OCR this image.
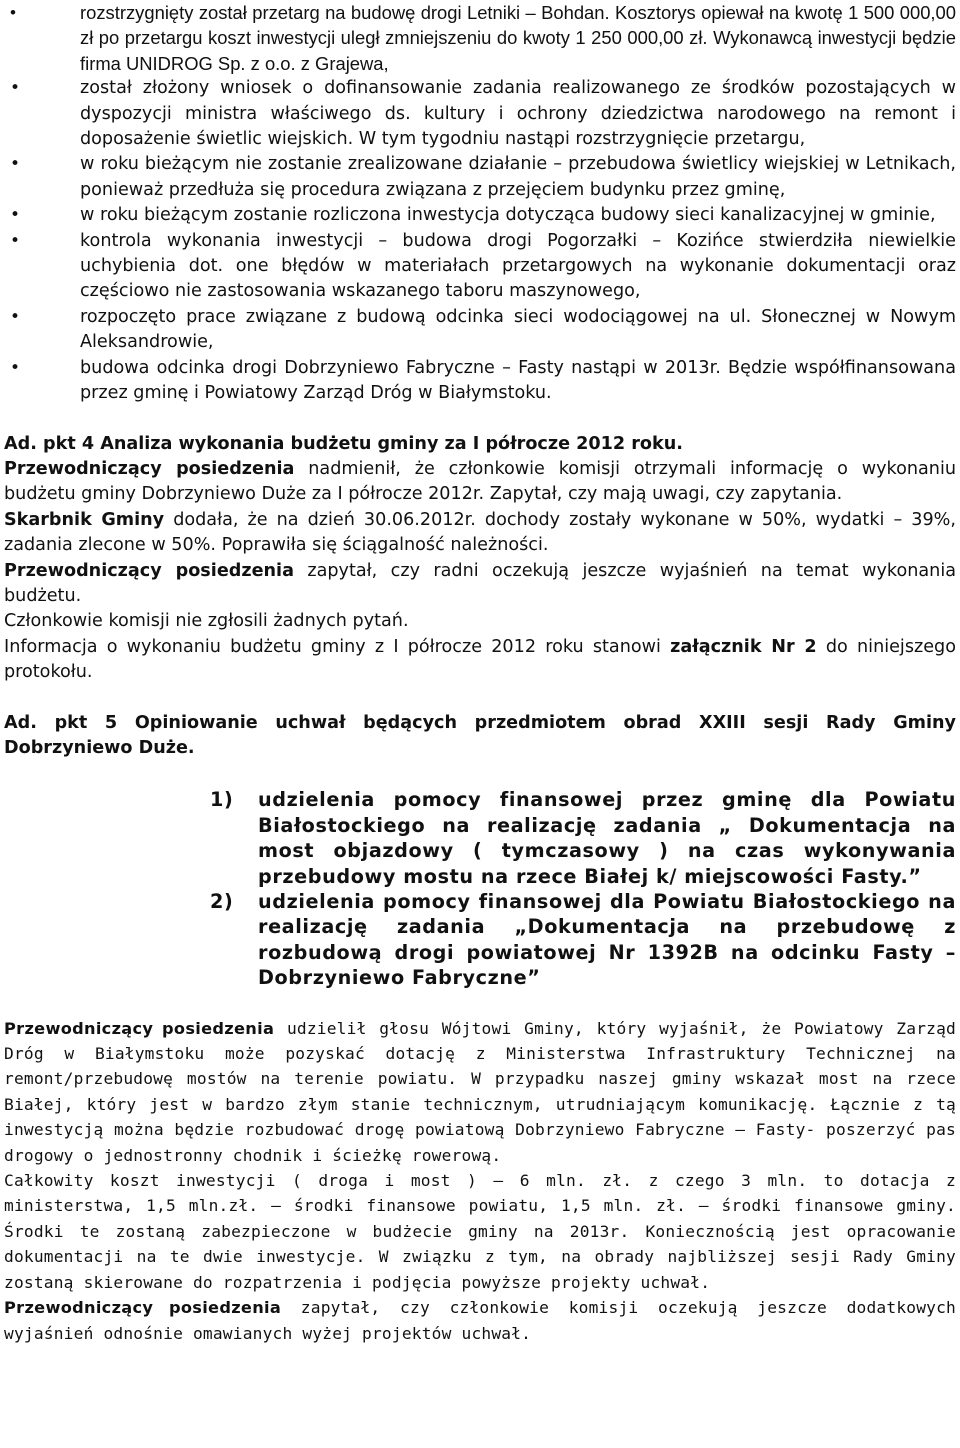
• rozstrzygnięty został przetarg na budowę drogi Letniki – Bohdan. Kosztorys opiewał na kwotę 1 500 000,00 zł po przetargu koszt inwestycji uległ zmniejszeniu do kwoty 1 250 000,00 zł. Wykonawcą inwestycji będzie firma UNIDROG Sp. z o.o. z Grajewa,
• został złożony wniosek o dofinansowanie zadania realizowanego ze środków pozostających w dyspozycji ministra właściwego ds. kultury i ochrony dziedzictwa narodowego na remont i doposażenie świetlic wiejskich. W tym tygodniu nastąpi rozstrzygnięcie przetargu,
• w roku bieżącym nie zostanie zrealizowane działanie – przebudowa świetlicy wiejskiej w Letnikach, ponieważ przedłuża się procedura związana z przejęciem budynku przez gminę,
• w roku bieżącym zostanie rozliczona inwestycja dotycząca budowy sieci kanalizacyjnej w gminie,
• kontrola wykonania inwestycji – budowa drogi Pogorzałki – Kozińce stwierdziła niewielkie uchybienia dot. one błędów w materiałach przetargowych na wykonanie dokumentacji oraz częściowo nie zastosowania wskazanego taboru maszynowego,
• rozpoczęto prace związane z budową odcinka sieci wodociągowej na ul. Słonecznej w Nowym Aleksandrowie,
• budowa odcinka drogi Dobrzyniewo Fabryczne – Fasty nastąpi w 2013r. Będzie współfinansowana przez gminę i Powiatowy Zarząd Dróg w Białymstoku.

Ad. pkt 4 Analiza wykonania budżetu gminy za I półrocze 2012 roku.

Przewodniczący posiedzenia nadmienił, że członkowie komisji otrzymali informację o wykonaniu budżetu gminy Dobrzyniewo Duże za I półrocze 2012r. Zapytał, czy mają uwagi, czy zapytania.

Skarbnik Gminy dodała, że na dzień 30.06.2012r. dochody zostały wykonane w 50%, wydatki – 39%, zadania zlecone w 50%. Poprawiła się ściągalność należności.

Przewodniczący posiedzenia zapytał, czy radni oczekują jeszcze wyjaśnień na temat wykonania budżetu.

Członkowie komisji nie zgłosili żadnych pytań.

Informacja o wykonaniu budżetu gminy z I półrocze 2012 roku stanowi załącznik Nr 2 do niniejszego protokołu.

Ad. pkt 5 Opiniowanie uchwał będących przedmiotem obrad XXIII sesji Rady Gminy Dobrzyniewo Duże.

1) udzielenia pomocy finansowej przez gminę dla Powiatu Białostockiego na realizację zadania „ Dokumentacja na most objazdowy ( tymczasowy ) na czas wykonywania przebudowy mostu na rzece Białej k/ miejscowości Fasty.”
2) udzielenia pomocy finansowej dla Powiatu Białostockiego na realizację zadania „Dokumentacja na przebudowę z rozbudową drogi powiatowej Nr 1392B na odcinku Fasty – Dobrzyniewo Fabryczne”

Przewodniczący posiedzenia udzielił głosu Wójtowi Gminy, który wyjaśnił, że Powiatowy Zarząd Dróg w Białymstoku może pozyskać dotację z Ministerstwa Infrastruktury Technicznej na remont/przebudowę mostów na terenie powiatu. W przypadku naszej gminy wskazał most na rzece Białej, który jest w bardzo złym stanie technicznym, utrudniającym komunikację. Łącznie z tą inwestycją można będzie rozbudować drogę powiatową Dobrzyniewo Fabryczne – Fasty- poszerzyć pas drogowy o jednostronny chodnik i ścieżkę rowerową.

Całkowity koszt inwestycji ( droga i most ) – 6 mln. zł. z czego 3 mln. to dotacja z ministerstwa, 1,5 mln.zł. – środki finansowe powiatu, 1,5 mln. zł. – środki finansowe gminy. Środki te zostaną zabezpieczone w budżecie gminy na 2013r. Koniecznością jest opracowanie dokumentacji na te dwie inwestycje. W związku z tym, na obrady najbliższej sesji Rady Gminy zostaną skierowane do rozpatrzenia i podjęcia powyższe projekty uchwał.

Przewodniczący posiedzenia zapytał, czy członkowie komisji oczekują jeszcze dodatkowych wyjaśnień odnośnie omawianych wyżej projektów uchwał.
